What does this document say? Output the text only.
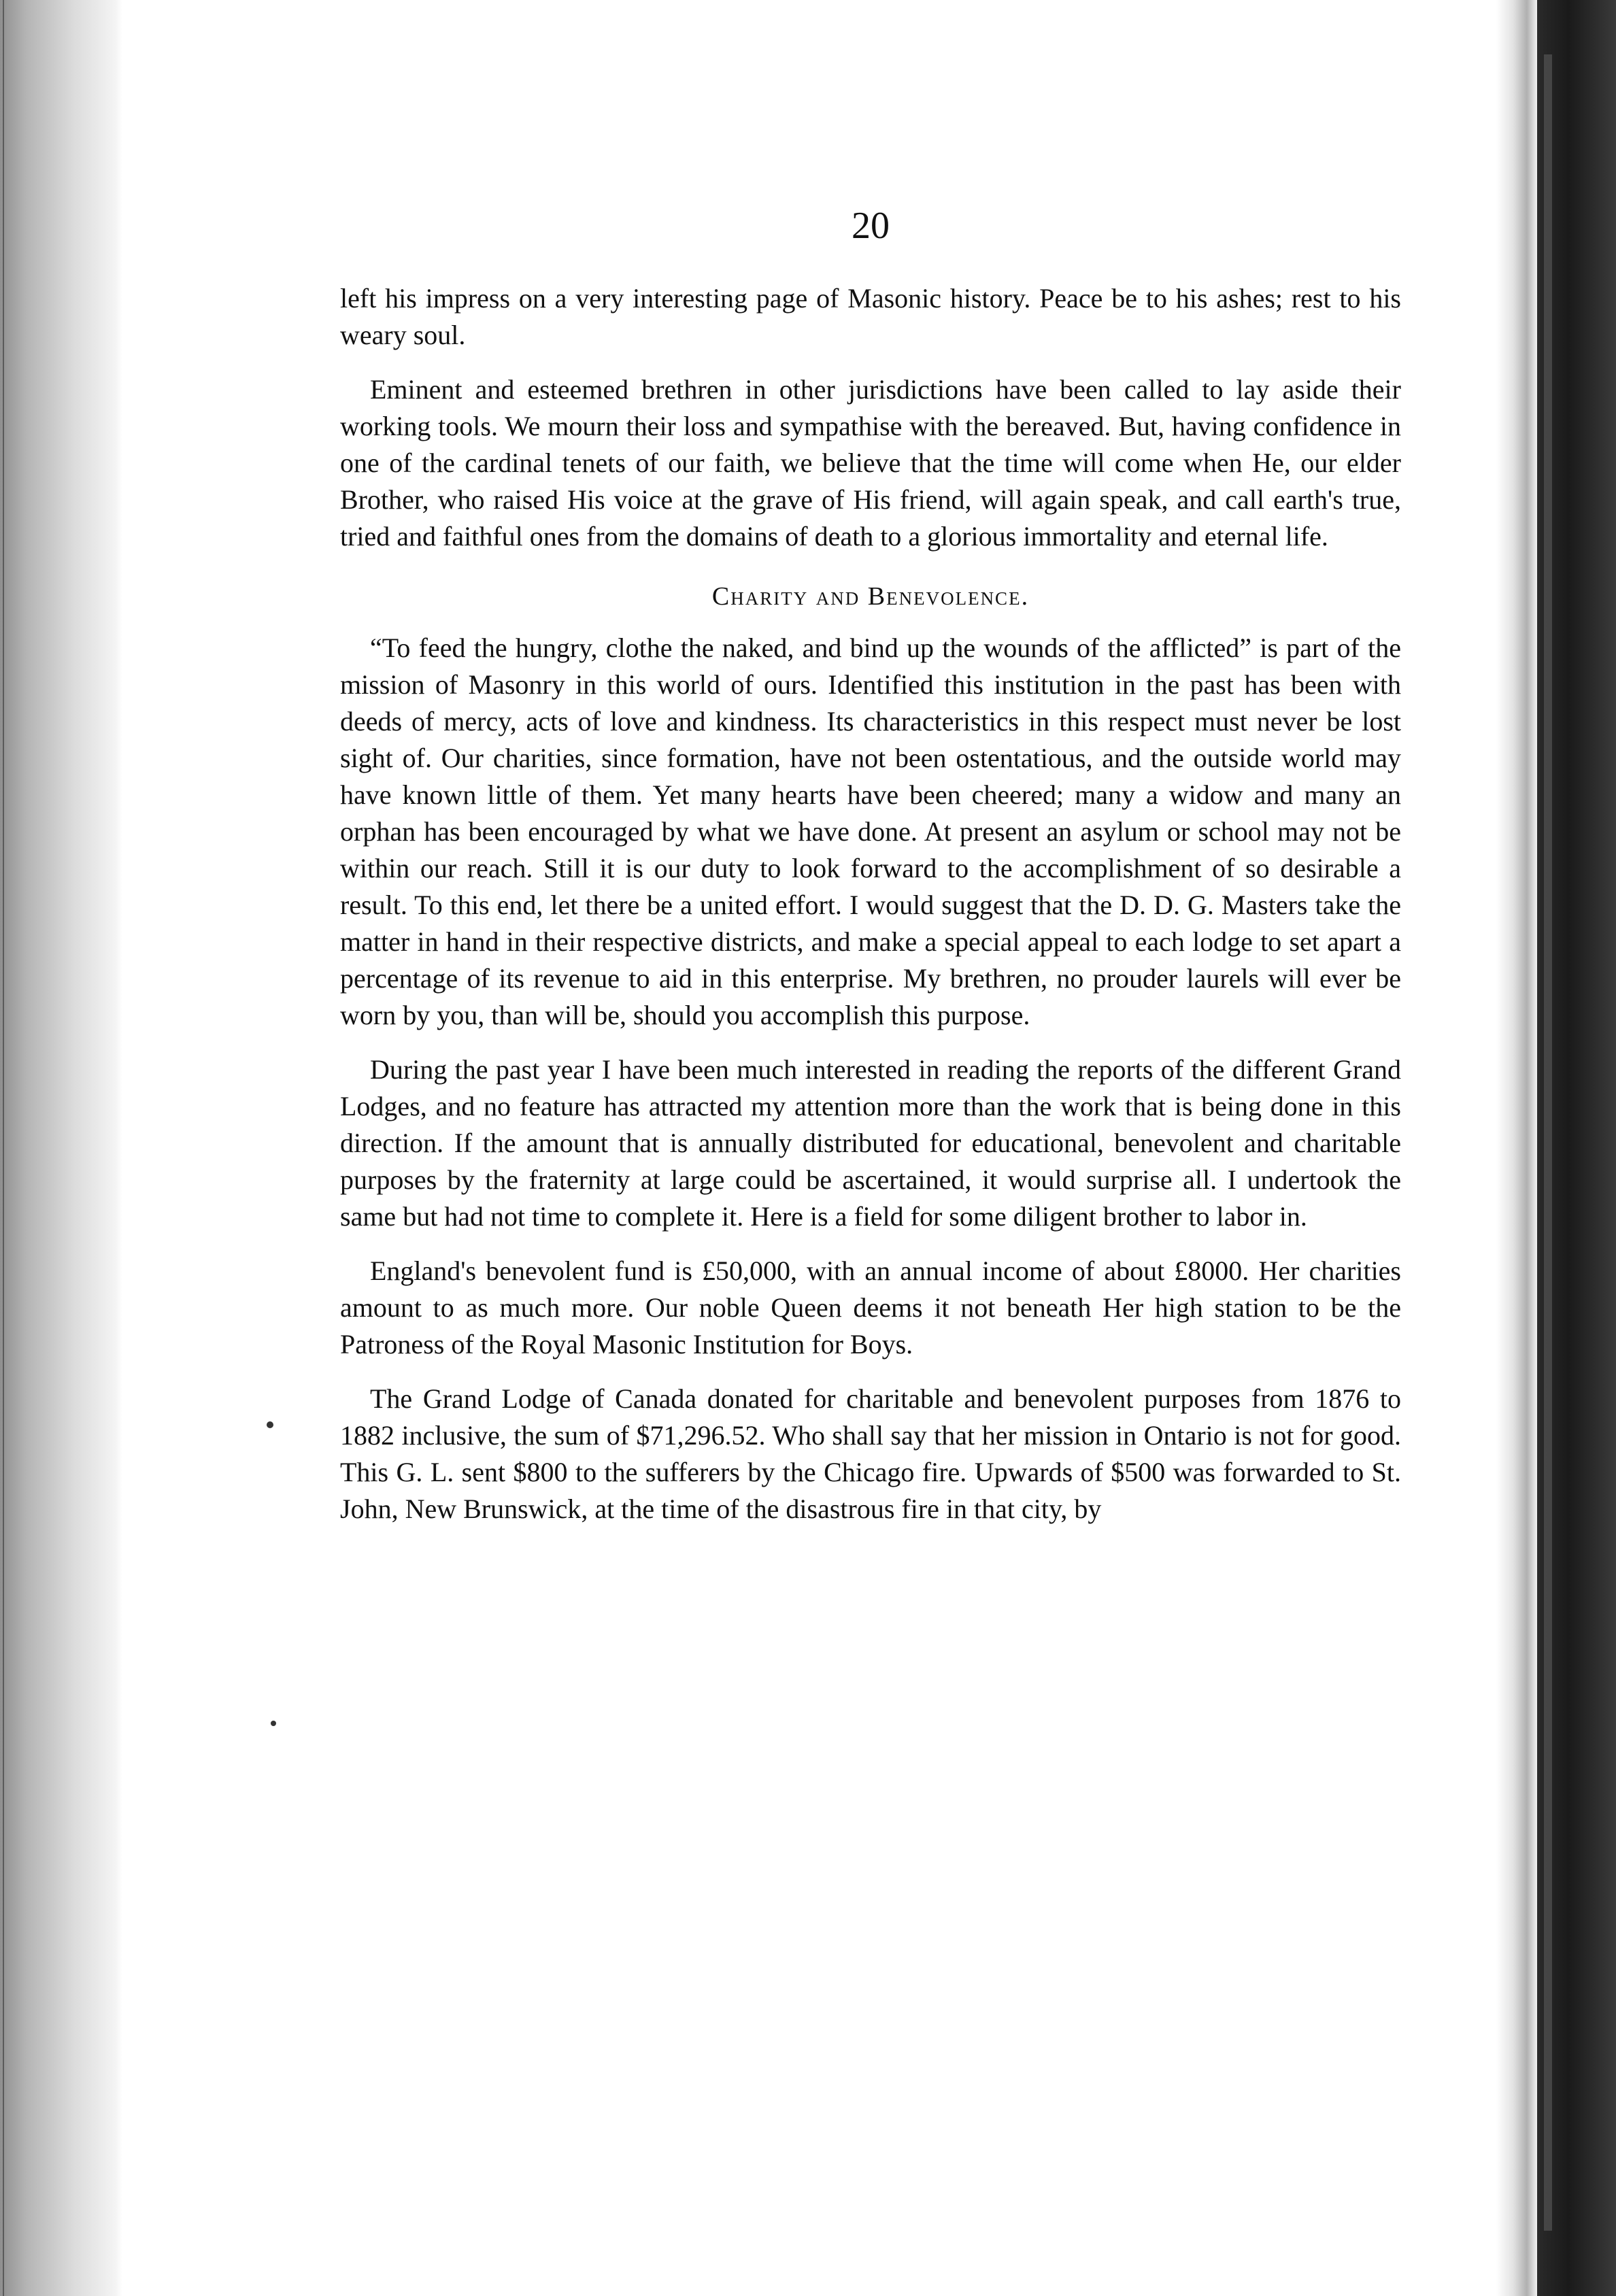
20

left his impress on a very interesting page of Masonic history. Peace be to his ashes; rest to his weary soul.

Eminent and esteemed brethren in other jurisdictions have been called to lay aside their working tools. We mourn their loss and sympathise with the bereaved. But, having confidence in one of the cardinal tenets of our faith, we believe that the time will come when He, our elder Brother, who raised His voice at the grave of His friend, will again speak, and call earth's true, tried and faithful ones from the domains of death to a glorious immortality and eternal life.

Charity and Benevolence.

“To feed the hungry, clothe the naked, and bind up the wounds of the afflicted” is part of the mission of Masonry in this world of ours. Identified this institution in the past has been with deeds of mercy, acts of love and kindness. Its characteristics in this respect must never be lost sight of. Our charities, since formation, have not been ostentatious, and the outside world may have known little of them. Yet many hearts have been cheered; many a widow and many an orphan has been encouraged by what we have done. At present an asylum or school may not be within our reach. Still it is our duty to look forward to the accomplishment of so desirable a result. To this end, let there be a united effort. I would suggest that the D. D. G. Masters take the matter in hand in their respective districts, and make a special appeal to each lodge to set apart a percentage of its revenue to aid in this enterprise. My brethren, no prouder laurels will ever be worn by you, than will be, should you accomplish this purpose.

During the past year I have been much interested in reading the reports of the different Grand Lodges, and no feature has attracted my attention more than the work that is being done in this direction. If the amount that is annually distributed for educational, benevolent and charitable purposes by the fraternity at large could be ascertained, it would surprise all. I undertook the same but had not time to complete it. Here is a field for some diligent brother to labor in.

England's benevolent fund is £50,000, with an annual income of about £8000. Her charities amount to as much more. Our noble Queen deems it not beneath Her high station to be the Patroness of the Royal Masonic Institution for Boys.

The Grand Lodge of Canada donated for charitable and benevolent purposes from 1876 to 1882 inclusive, the sum of $71,296.52. Who shall say that her mission in Ontario is not for good. This G. L. sent $800 to the sufferers by the Chicago fire. Upwards of $500 was forwarded to St. John, New Brunswick, at the time of the disastrous fire in that city, by
